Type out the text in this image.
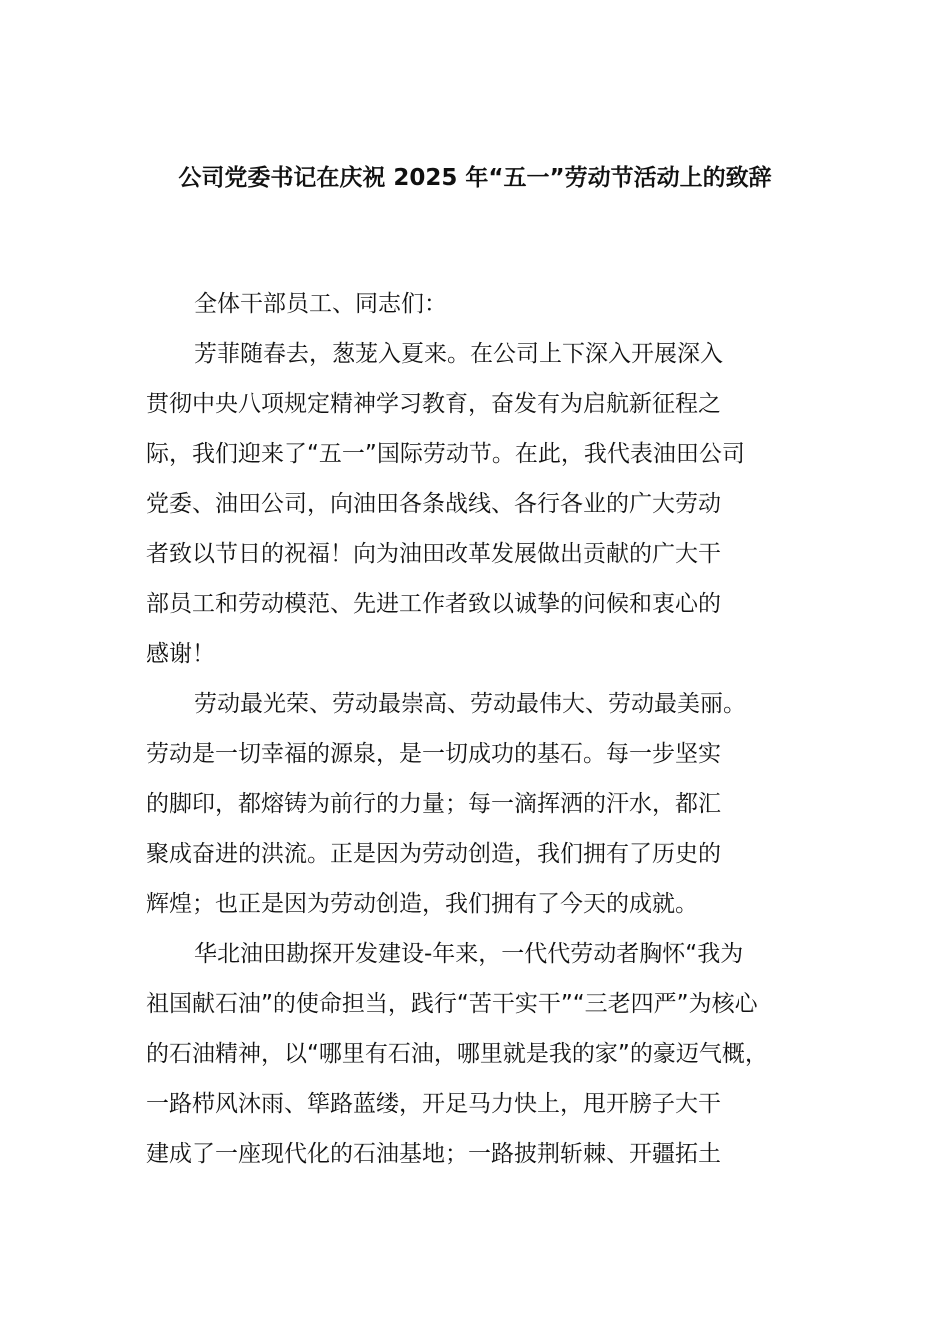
公司党委书记在庆祝 2025 年“五一”劳动节活动上的致辞
全体干部员工、同志们：
芳菲随春去，葱茏入夏来。在公司上下深入开展深入
贯彻中央八项规定精神学习教育，奋发有为启航新征程之
际，我们迎来了“五一”国际劳动节。在此，我代表油田公司
党委、油田公司，向油田各条战线、各行各业的广大劳动
者致以节日的祝福！向为油田改革发展做出贡献的广大干
部员工和劳动模范、先进工作者致以诚挚的问候和衷心的
感谢！
劳动最光荣、劳动最崇高、劳动最伟大、劳动最美丽。
劳动是一切幸福的源泉，是一切成功的基石。每一步坚实
的脚印，都熔铸为前行的力量；每一滴挥洒的汗水，都汇
聚成奋进的洪流。正是因为劳动创造，我们拥有了历史的
辉煌；也正是因为劳动创造，我们拥有了今天的成就。
华北油田勘探开发建设-年来，一代代劳动者胸怀“我为
祖国献石油”的使命担当，践行“苦干实干”“三老四严”为核心
的石油精神，以“哪里有石油，哪里就是我的家”的豪迈气概，
一路栉风沐雨、筚路蓝缕，开足马力快上，甩开膀子大干
建成了一座现代化的石油基地；一路披荆斩棘、开疆拓土
